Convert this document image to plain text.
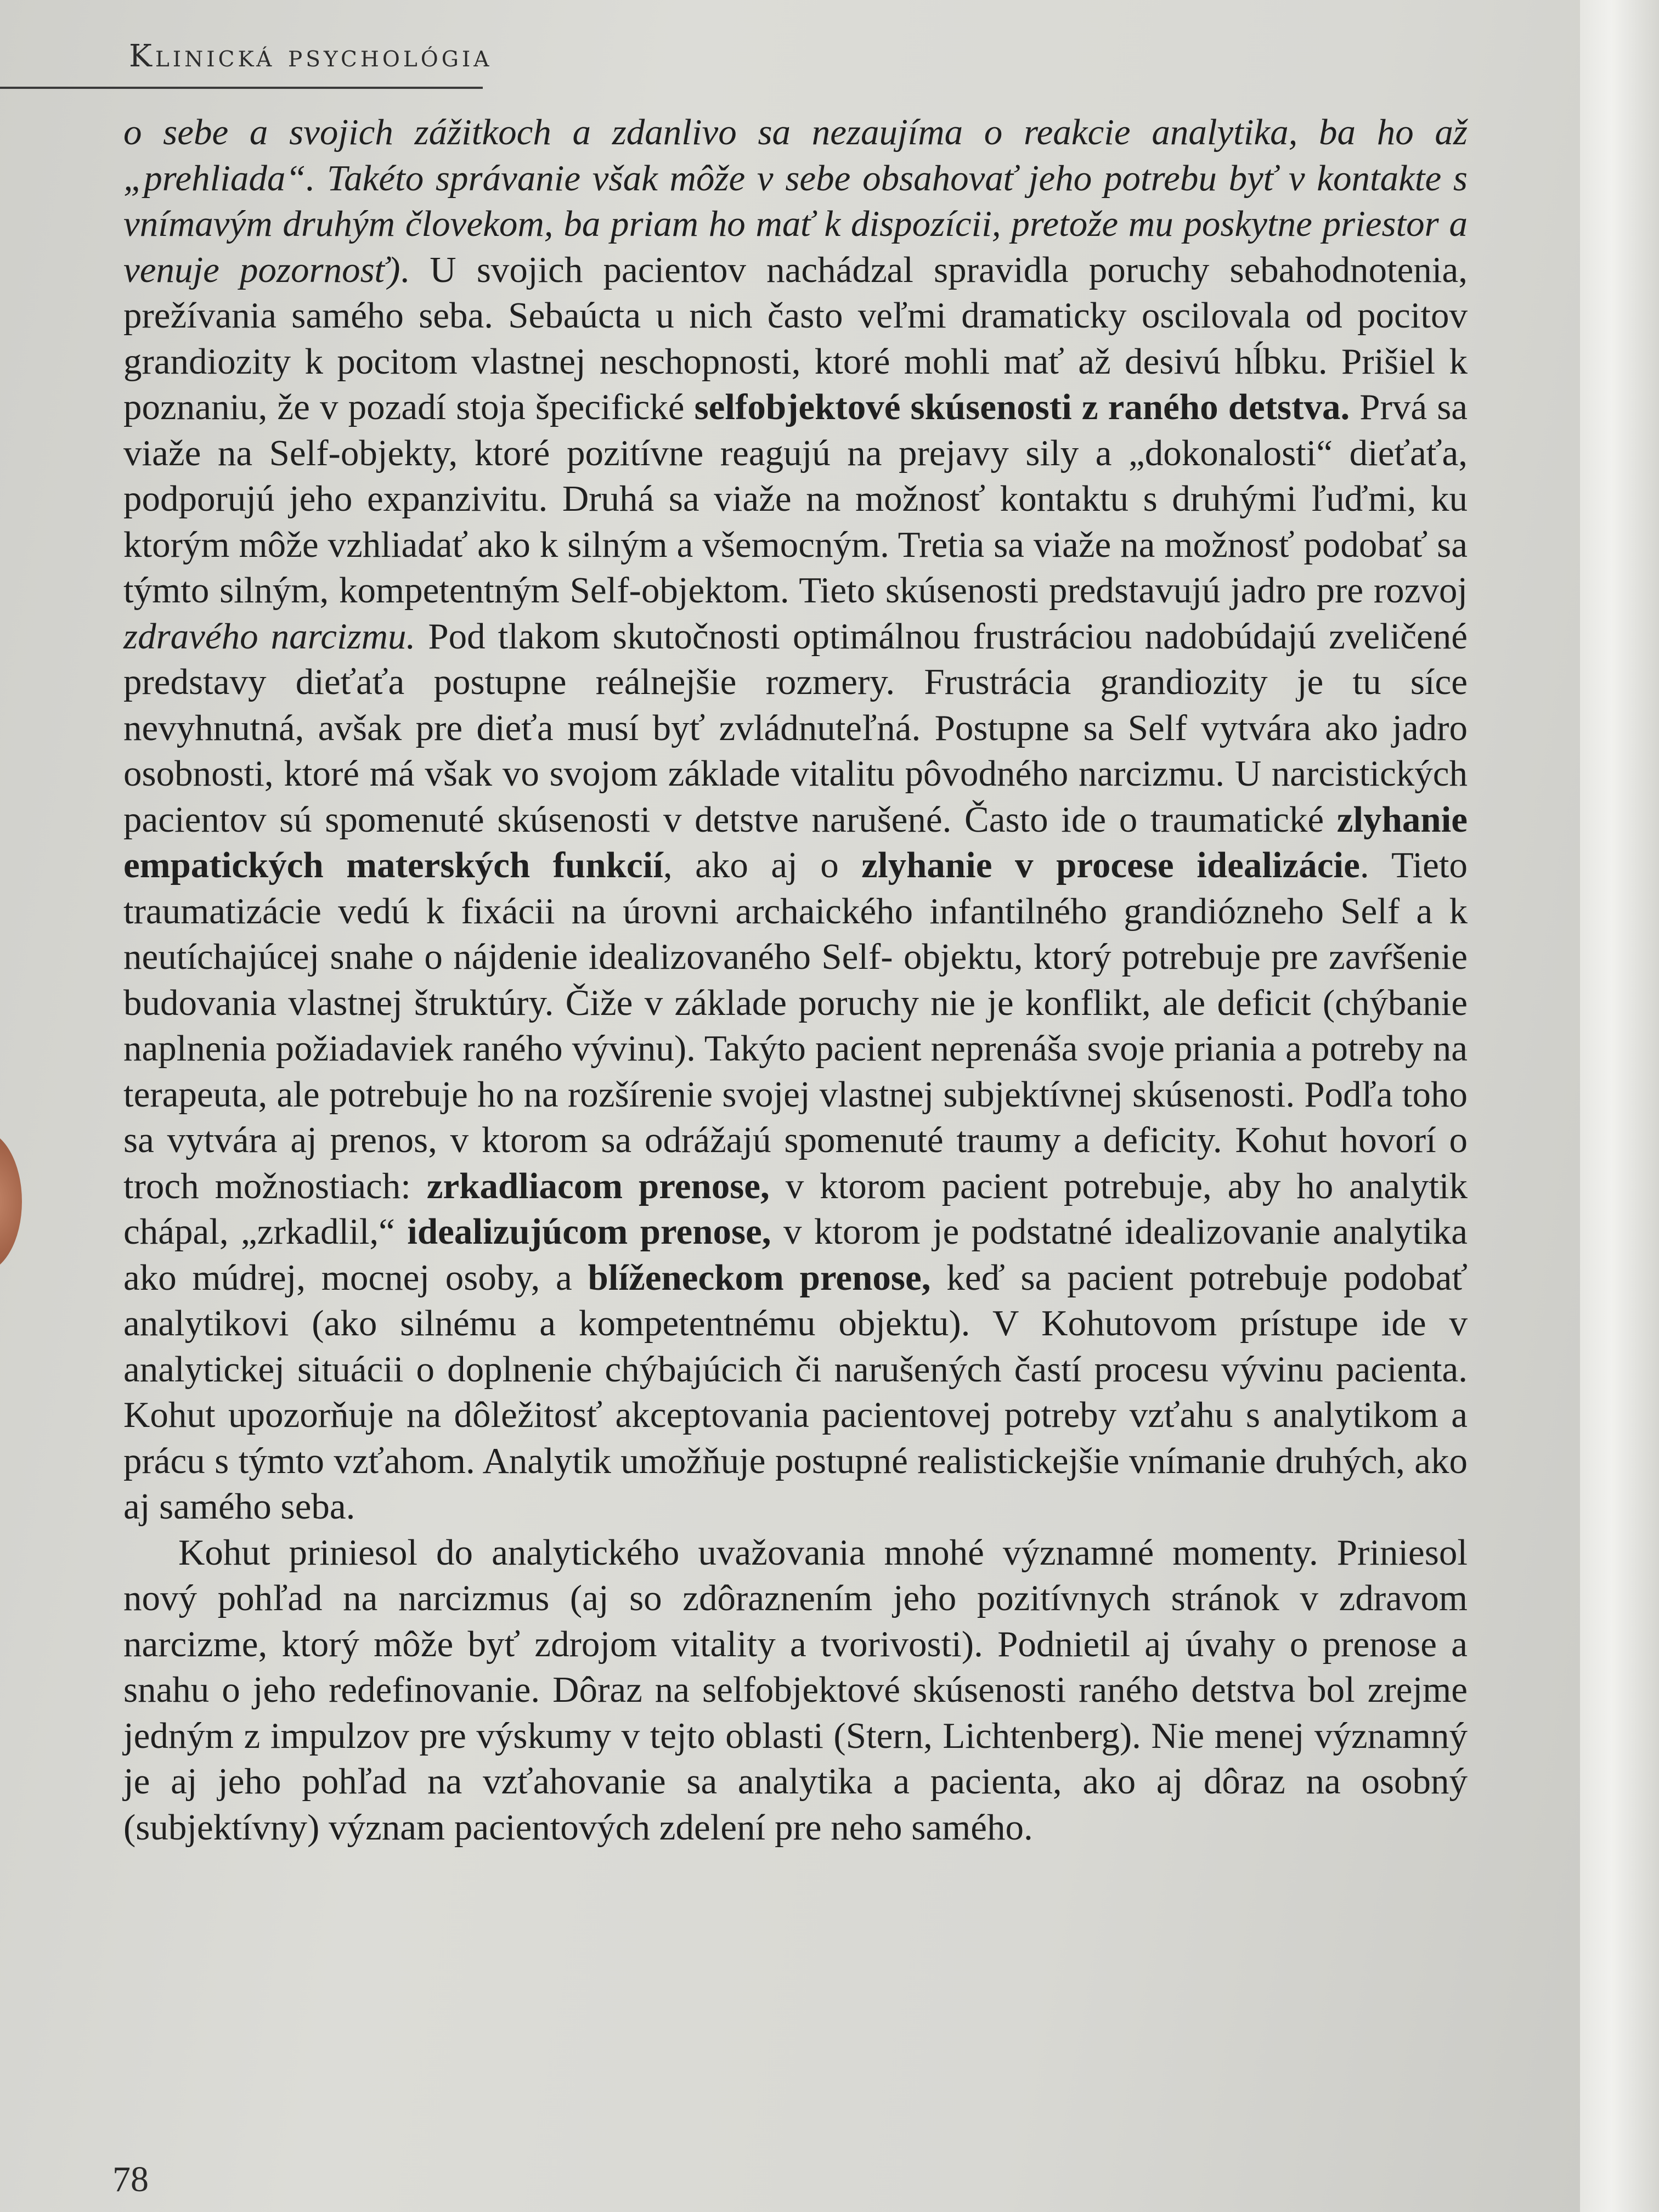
Klinická psychológia

o sebe a svojich zážitkoch a zdanlivo sa nezaujíma o reakcie analytika, ba ho až „prehliada“. Takéto správanie však môže v sebe obsahovať jeho potrebu byť v kontakte s vnímavým druhým človekom, ba priam ho mať k dispozícii, pretože mu poskytne priestor a venuje pozornosť). U svojich pacientov nachádzal spravidla poruchy sebahodnotenia, prežívania samého seba. Sebaúcta u nich často veľmi dramaticky oscilovala od pocitov grandiozity k pocitom vlastnej neschopnosti, ktoré mohli mať až desivú hĺbku. Prišiel k poznaniu, že v pozadí stoja špecifické selfobjektové skúsenosti z raného detstva. Prvá sa viaže na Self-objekty, ktoré pozitívne reagujú na prejavy sily a „dokonalosti“ dieťaťa, podporujú jeho expanzivitu. Druhá sa viaže na možnosť kontaktu s druhými ľuďmi, ku ktorým môže vzhliadať ako k silným a všemocným. Tretia sa viaže na možnosť podobať sa týmto silným, kompetentným Self-objektom. Tieto skúsenosti predstavujú jadro pre rozvoj zdravého narcizmu. Pod tlakom skutočnosti optimálnou frustráciou nadobúdajú zveličené predstavy dieťaťa postupne reálnejšie rozmery. Frustrácia grandiozity je tu síce nevyhnutná, avšak pre dieťa musí byť zvládnuteľná. Postupne sa Self vytvára ako jadro osobnosti, ktoré má však vo svojom základe vitalitu pôvodného narcizmu. U narcistických pacientov sú spomenuté skúsenosti v detstve narušené. Často ide o traumatické zlyhanie empatických materských funkcií, ako aj o zlyhanie v procese idealizácie. Tieto traumatizácie vedú k fixácii na úrovni archaického infantilného grandiózneho Self a k neutíchajúcej snahe o nájdenie idealizovaného Self- objektu, ktorý potrebuje pre zavŕšenie budovania vlastnej štruktúry. Čiže v základe poruchy nie je konflikt, ale deficit (chýbanie naplnenia požiadaviek raného vývinu). Takýto pacient neprenáša svoje priania a potreby na terapeuta, ale potrebuje ho na rozšírenie svojej vlastnej subjektívnej skúsenosti. Podľa toho sa vytvára aj prenos, v ktorom sa odrážajú spomenuté traumy a deficity. Kohut hovorí o troch možnostiach: zrkadliacom prenose, v ktorom pacient potrebuje, aby ho analytik chápal, „zrkadlil,“ idealizujúcom prenose, v ktorom je podstatné idealizovanie analytika ako múdrej, mocnej osoby, a blíženeckom prenose, keď sa pacient potrebuje podobať analytikovi (ako silnému a kompetentnému objektu). V Kohutovom prístupe ide v analytickej situácii o doplnenie chýbajúcich či narušených častí procesu vývinu pacienta. Kohut upozorňuje na dôležitosť akceptovania pacientovej potreby vzťahu s analytikom a prácu s týmto vzťahom. Analytik umožňuje postupné realistickejšie vnímanie druhých, ako aj samého seba.

Kohut priniesol do analytického uvažovania mnohé významné momenty. Priniesol nový pohľad na narcizmus (aj so zdôraznením jeho pozitívnych stránok v zdravom narcizme, ktorý môže byť zdrojom vitality a tvorivosti). Podnietil aj úvahy o prenose a snahu o jeho redefinovanie. Dôraz na selfobjektové skúsenosti raného detstva bol zrejme jedným z impulzov pre výskumy v tejto oblasti (Stern, Lichtenberg). Nie menej významný je aj jeho pohľad na vzťahovanie sa analytika a pacienta, ako aj dôraz na osobný (subjektívny) význam pacientových zdelení pre neho samého.

78
